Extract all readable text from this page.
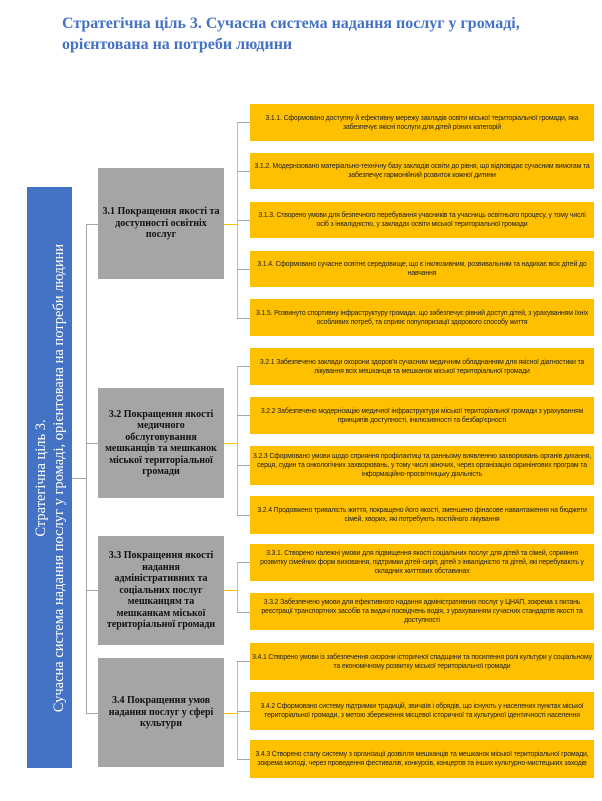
Стратегічна ціль 3. Сучасна система надання послуг у громаді, орієнтована на потреби людини
Стратегічна ціль 3. Сучасна система надання послуг у громаді, орієнтована на потреби людини
3.1 Покращення якості та доступності освітніх послуг
3.2 Покращення якості медичного обслуговування мешканців та мешканок міської територіальної громади
3.3 Покращення якості надання адміністративних та соціальних послуг мешканцям та мешканкам міської територіальної громади
3.4 Покращення умов надання послуг у сфері культури
3.1.1. Сформовано доступну й ефективну мережу закладів освіти міської територіальної громади, яка забезпечує якісні послуги для дітей різних категорій
3.1.2. Модернізовано матеріально-технічну базу закладів освіти до рівня, що відповідає сучасним вимогам та забезпечує гармонійний розвиток кожної дитини
3.1.3. Створено умови для безпечного перебування учасників та учасниць освітнього процесу, у тому числі осіб з інвалідністю, у закладах освіти міської територіальної громади
3.1.4. Сформовано сучасне освітнє середовище, що є інклюзивним, розвивальним та надихає всіх дітей до навчання
3.1.5. Розвинуто спортивну інфраструктуру громади, що забезпечує рівний доступ дітей, з урахуванням їхніх особливих потреб, та сприяє популяризації здорового способу життя
3.2.1 Забезпечено заклади охорони здоров'я сучасним медичним обладнанням для якісної діагностики та лікування всіх мешканців та мешканок міської територіальної громади
3.2.2 Забезпечено модернізацію медичної інфраструктури міської територіальної громади з урахуванням принципів доступності, інклюзивності та безбар'єрності
3.2.3 Сформовано умови щодо сприяння профілактиці та ранньому виявленню захворювань органів дихання, серця, судин та онкологічних захворювань, у тому числі жіночих, через організацію скринінгових програм та інформаційно-просвітницьку діяльність
3.2.4 Продовжено тривалість життя, покращено його якості, зменшено фінасове навантаження на бюджети сімей, хворих, які потребують постійного лікування
3.3.1. Створено належні умови для підвищення якості соціальних послуг для дітей та сімей, сприяння розвитку сімейних форм виховання, підтримки дітей-сиріт, дітей з інвалідністю та дітей, які перебувають у складних життєвих обставинах
3.3.2 Забезпечено умови для ефективного надання адміністративних послуг у ЦНАП, зокрема з питань реєстрації транспортних засобів та видачі посвідчень водія, з урахуванням сучасних стандартів якості та доступності
3.4.1 Створено умови із забезпечення охорони історичної спадщини та посилення ролі культури у соціальному та економічному розвитку міської територіальної громади
3.4.2 Сформовано систему підтримки традицій, звичаїв і обрядів, що існують у населених пунктах міської територіальної громади, з метою збереження місцевої історичної та культурної ідентичності населення
3.4.3 Створено сталу систему з організації дозвілля мешканців та мешканок міської територіальної громади, зокрема молоді, через проведення фестивалів, конкурсів, концертів та інших культурно-мистецьких заходів
